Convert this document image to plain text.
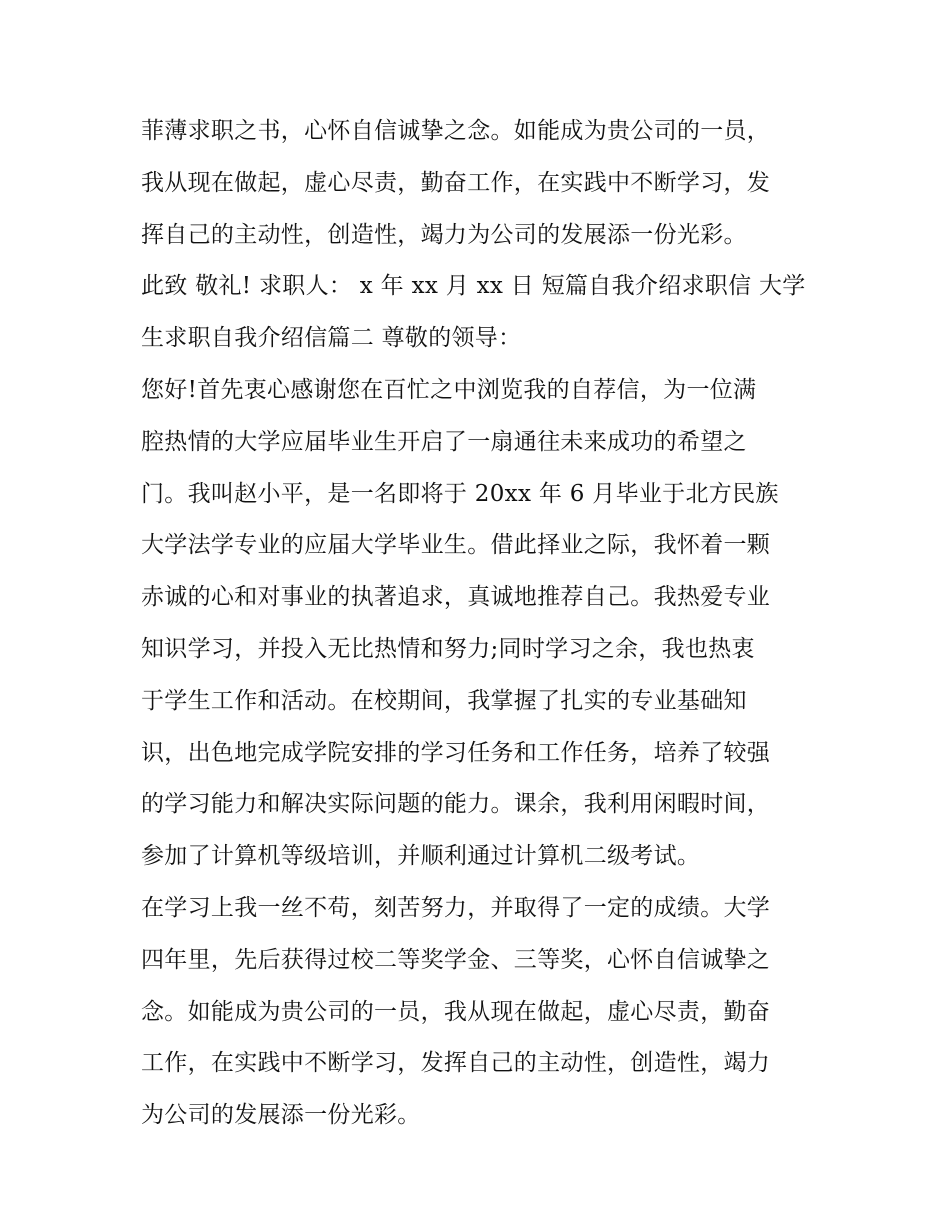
菲薄求职之书，心怀自信诚挚之念。如能成为贵公司的一员，
我从现在做起，虚心尽责，勤奋工作，在实践中不断学习，发
挥自己的主动性，创造性，竭力为公司的发展添一份光彩。
此致 敬礼! 求职人： x 年 xx 月 xx 日 短篇自我介绍求职信 大学
生求职自我介绍信篇二 尊敬的领导：
您好!首先衷心感谢您在百忙之中浏览我的自荐信，为一位满
腔热情的大学应届毕业生开启了一扇通往未来成功的希望之
门。我叫赵小平，是一名即将于 20xx 年 6 月毕业于北方民族
大学法学专业的应届大学毕业生。借此择业之际，我怀着一颗
赤诚的心和对事业的执著追求，真诚地推荐自己。我热爱专业
知识学习，并投入无比热情和努力;同时学习之余，我也热衷
于学生工作和活动。在校期间，我掌握了扎实的专业基础知
识，出色地完成学院安排的学习任务和工作任务，培养了较强
的学习能力和解决实际问题的能力。课余，我利用闲暇时间，
参加了计算机等级培训，并顺利通过计算机二级考试。
在学习上我一丝不苟，刻苦努力，并取得了一定的成绩。大学
四年里，先后获得过校二等奖学金、三等奖，心怀自信诚挚之
念。如能成为贵公司的一员，我从现在做起，虚心尽责，勤奋
工作，在实践中不断学习，发挥自己的主动性，创造性，竭力
为公司的发展添一份光彩。
